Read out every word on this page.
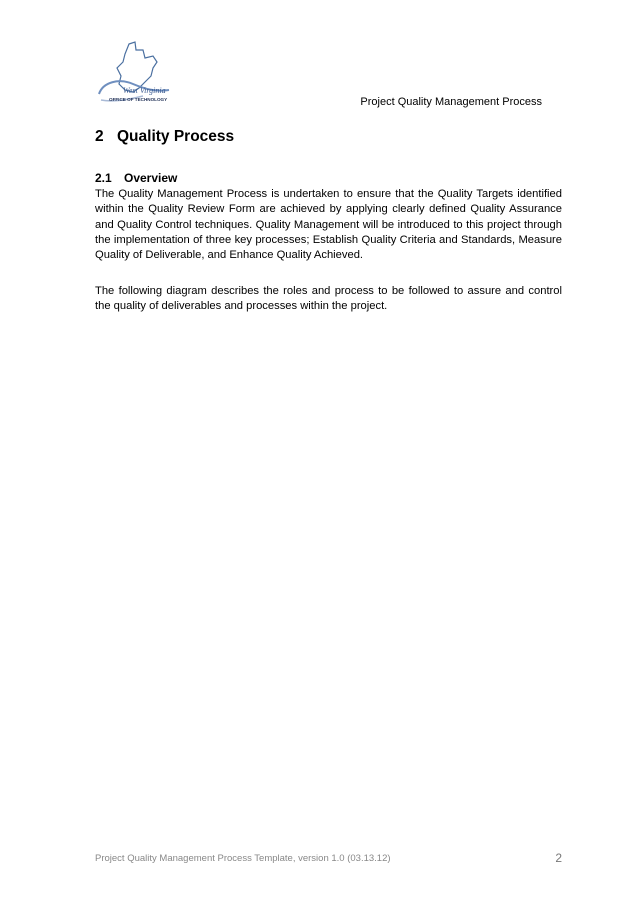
West Virginia
OFFICE OF TECHNOLOGY	Project Quality Management Process
2 Quality Process
2.1 Overview

The Quality Management Process is undertaken to ensure that the Quality Targets identified within the Quality Review Form are achieved by applying clearly defined Quality Assurance and Quality Control techniques. Quality Management will be introduced to this project through the implementation of three key processes; Establish Quality Criteria and Standards, Measure Quality of Deliverable, and Enhance Quality Achieved.

The following diagram describes the roles and process to be followed to assure and control the quality of deliverables and processes within the project.

Project Quality Management Process Template, version 1.0 (03.13.12)	2
